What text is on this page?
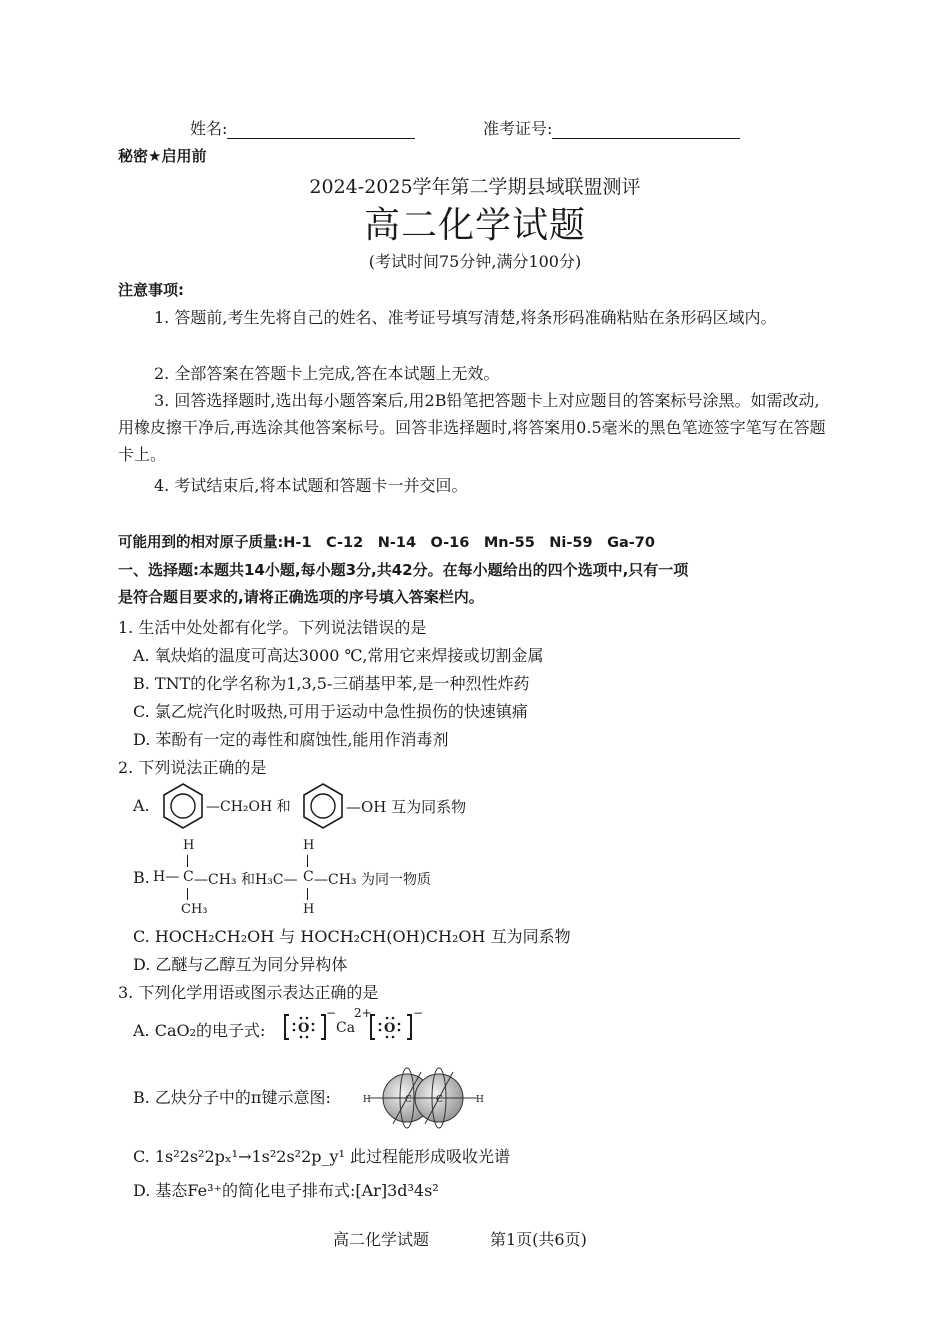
姓名:	准考证号:
秘密★启用前
2024-2025学年第二学期县域联盟测评
高二化学试题
(考试时间75分钟,满分100分)
注意事项:
1. 答题前,考生先将自己的姓名、准考证号填写清楚,将条形码准确粘贴在条形码区域内。
2. 全部答案在答题卡上完成,答在本试题上无效。
3. 回答选择题时,选出每小题答案后,用2B铅笔把答题卡上对应题目的答案标号涂黑。如需改动,用橡皮擦干净后,再选涂其他答案标号。回答非选择题时,将答案用0.5毫米的黑色笔迹签字笔写在答题卡上。
4. 考试结束后,将本试题和答题卡一并交回。
可能用到的相对原子质量:H-1　C-12　N-14　O-16　Mn-55　Ni-59　Ga-70
一、选择题:本题共14小题,每小题3分,共42分。在每小题给出的四个选项中,只有一项
是符合题目要求的,请将正确选项的序号填入答案栏内。
1. 生活中处处都有化学。下列说法错误的是
A. 氧炔焰的温度可高达3000 ℃,常用它来焊接或切割金属
B. TNT的化学名称为1,3,5-三硝基甲苯,是一种烈性炸药
C. 氯乙烷汽化时吸热,可用于运动中急性损伤的快速镇痛
D. 苯酚有一定的毒性和腐蚀性,能用作消毒剂
2. 下列说法正确的是
A.	—CH₂OH 和	—OH 互为同系物
B.
H
H— C —CH₃ 和H₃C—
CH₃
H
C —CH₃ 为同一物质
H
C. HOCH₂CH₂OH 与 HOCH₂CH(OH)CH₂OH 互为同系物
D. 乙醚与乙醇互为同分异构体
3. 下列化学用语或图示表达正确的是
A. CaO₂的电子式:	O
−
Ca
2+
O
−
B. 乙炔分子中的π键示意图:	H	C	C	H
C. 1s²2s²2pₓ¹→1s²2s²2p_y¹ 此过程能形成吸收光谱
D. 基态Fe³⁺的简化电子排布式:[Ar]3d³4s²
高二化学试题	第1页(共6页)
